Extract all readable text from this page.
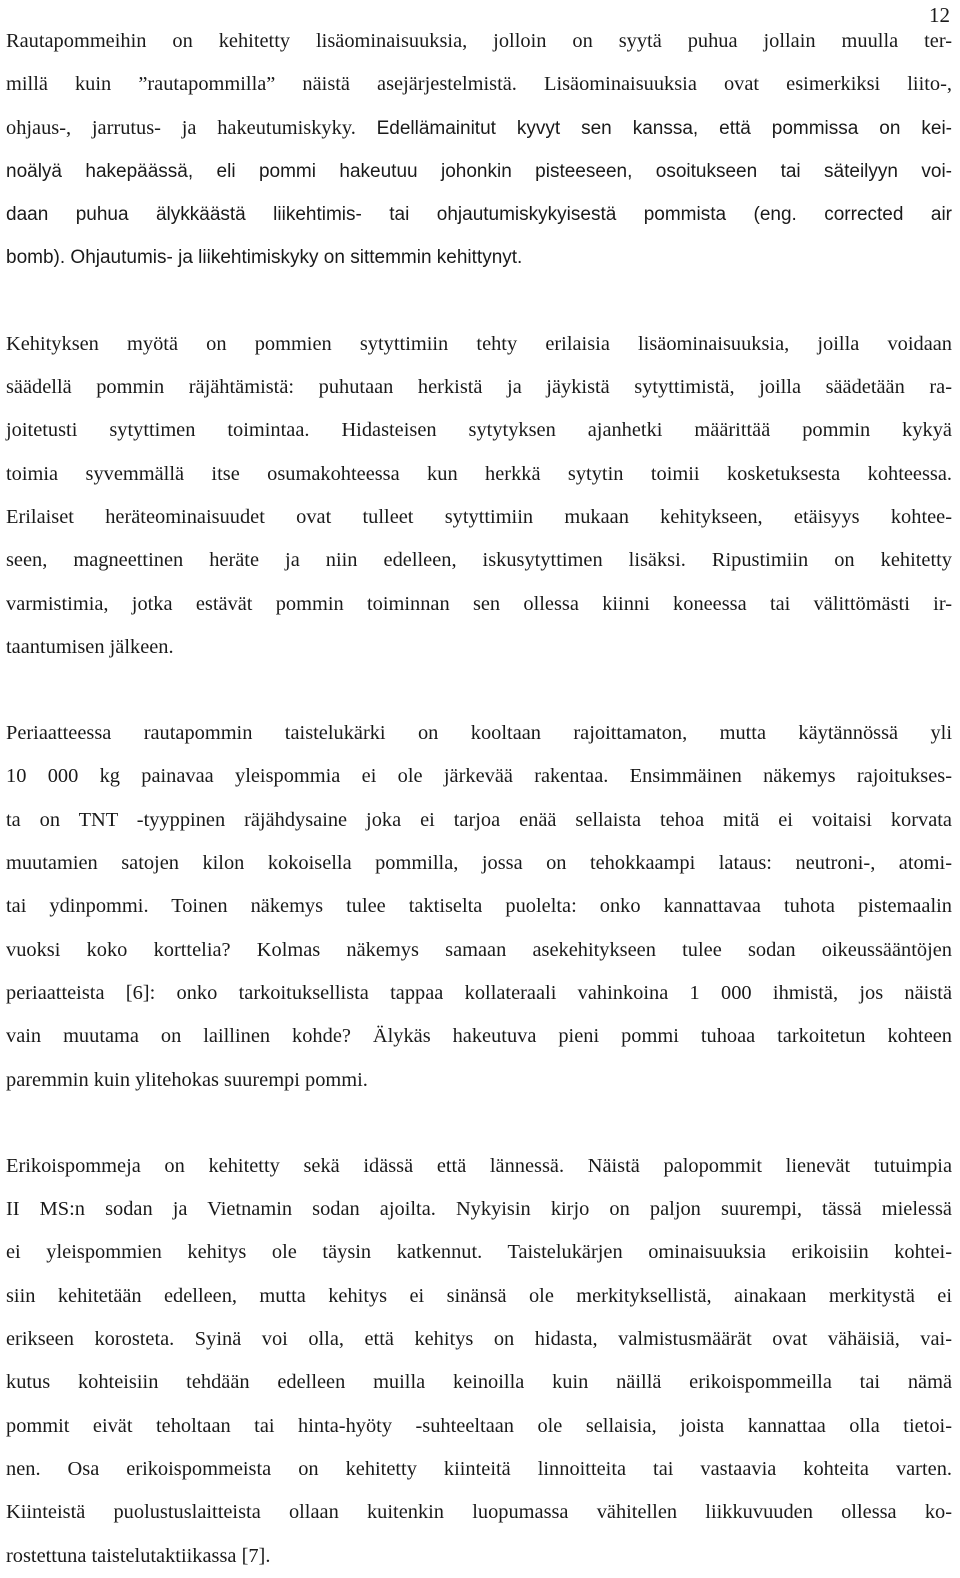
12

Rautapommeihin on kehitetty lisäominaisuuksia, jolloin on syytä puhua jollain muulla ter-
millä kuin ”rautapommilla” näistä asejärjestelmistä. Lisäominaisuuksia ovat esimerkiksi liito-,
ohjaus-, jarrutus- ja hakeutumiskyky. Edellämainitut kyvyt sen kanssa, että pommissa on kei-
noälyä hakepäässä, eli pommi hakeutuu johonkin pisteeseen, osoitukseen tai säteilyyn voi-
daan puhua älykkäästä liikehtimis- tai ohjautumiskykyisestä pommista (eng. corrected air
bomb). Ohjautumis- ja liikehtimiskyky on sittemmin kehittynyt.

Kehityksen myötä on pommien sytyttimiin tehty erilaisia lisäominaisuuksia, joilla voidaan
säädellä pommin räjähtämistä: puhutaan herkistä ja jäykistä sytyttimistä, joilla säädetään ra-
joitetusti sytyttimen toimintaa. Hidasteisen sytytyksen ajanhetki määrittää pommin kykyä
toimia syvemmällä itse osumakohteessa kun herkkä sytytin toimii kosketuksesta kohteessa.
Erilaiset heräteominaisuudet ovat tulleet sytyttimiin mukaan kehitykseen, etäisyys kohtee-
seen, magneettinen heräte ja niin edelleen, iskusytyttimen lisäksi. Ripustimiin on kehitetty
varmistimia, jotka estävät pommin toiminnan sen ollessa kiinni koneessa tai välittömästi ir-
taantumisen jälkeen.

Periaatteessa rautapommin taistelukärki on kooltaan rajoittamaton, mutta käytännössä yli
10 000 kg painavaa yleispommia ei ole järkevää rakentaa. Ensimmäinen näkemys rajoitukses-
ta on TNT -tyyppinen räjähdysaine joka ei tarjoa enää sellaista tehoa mitä ei voitaisi korvata
muutamien satojen kilon kokoisella pommilla, jossa on tehokkaampi lataus: neutroni-, atomi-
tai ydinpommi. Toinen näkemys tulee taktiselta puolelta: onko kannattavaa tuhota pistemaalin
vuoksi koko korttelia? Kolmas näkemys samaan asekehitykseen tulee sodan oikeussääntöjen
periaatteista [6]: onko tarkoituksellista tappaa kollateraali vahinkoina 1 000 ihmistä, jos näistä
vain muutama on laillinen kohde? Älykäs hakeutuva pieni pommi tuhoaa tarkoitetun kohteen
paremmin kuin ylitehokas suurempi pommi.

Erikoispommeja on kehitetty sekä idässä että lännessä. Näistä palopommit lienevät tutuimpia
II MS:n sodan ja Vietnamin sodan ajoilta. Nykyisin kirjo on paljon suurempi, tässä mielessä
ei yleispommien kehitys ole täysin katkennut. Taistelukärjen ominaisuuksia erikoisiin kohtei-
siin kehitetään edelleen, mutta kehitys ei sinänsä ole merkityksellistä, ainakaan merkitystä ei
erikseen korosteta. Syinä voi olla, että kehitys on hidasta, valmistusmäärät ovat vähäisiä, vai-
kutus kohteisiin tehdään edelleen muilla keinoilla kuin näillä erikoispommeilla tai nämä
pommit eivät teholtaan tai hinta-hyöty -suhteeltaan ole sellaisia, joista kannattaa olla tietoi-
nen. Osa erikoispommeista on kehitetty kiinteitä linnoitteita tai vastaavia kohteita varten.
Kiinteistä puolustuslaitteista ollaan kuitenkin luopumassa vähitellen liikkuvuuden ollessa ko-
rostettuna taistelutaktiikassa [7].
